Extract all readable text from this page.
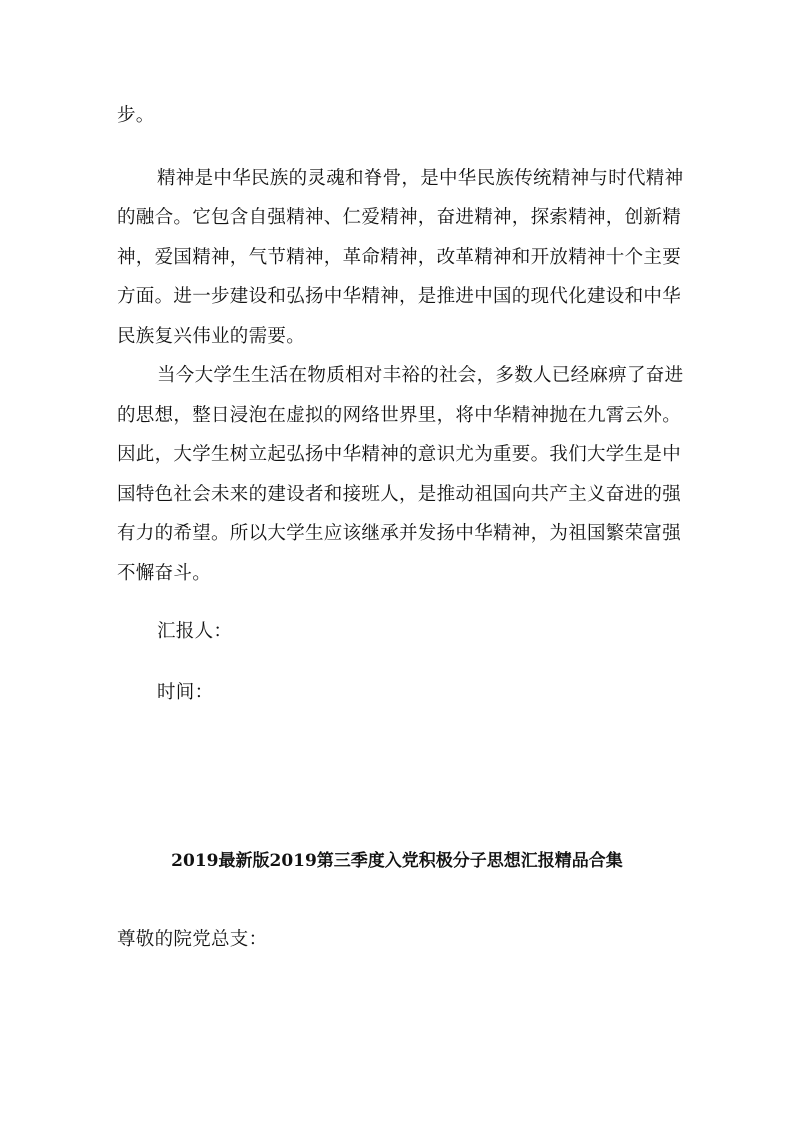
步。
精神是中华民族的灵魂和脊骨，是中华民族传统精神与时代精神
的融合。它包含自强精神、仁爱精神，奋进精神，探索精神，创新精
神，爱国精神，气节精神，革命精神，改革精神和开放精神十个主要
方面。进一步建设和弘扬中华精神，是推进中国的现代化建设和中华
民族复兴伟业的需要。
当今大学生生活在物质相对丰裕的社会，多数人已经麻痹了奋进
的思想，整日浸泡在虚拟的网络世界里，将中华精神抛在九霄云外。
因此，大学生树立起弘扬中华精神的意识尤为重要。我们大学生是中
国特色社会未来的建设者和接班人，是推动祖国向共产主义奋进的强
有力的希望。所以大学生应该继承并发扬中华精神，为祖国繁荣富强
不懈奋斗。
汇报人：
时间：
2019最新版2019第三季度入党积极分子思想汇报精品合集
尊敬的院党总支：
